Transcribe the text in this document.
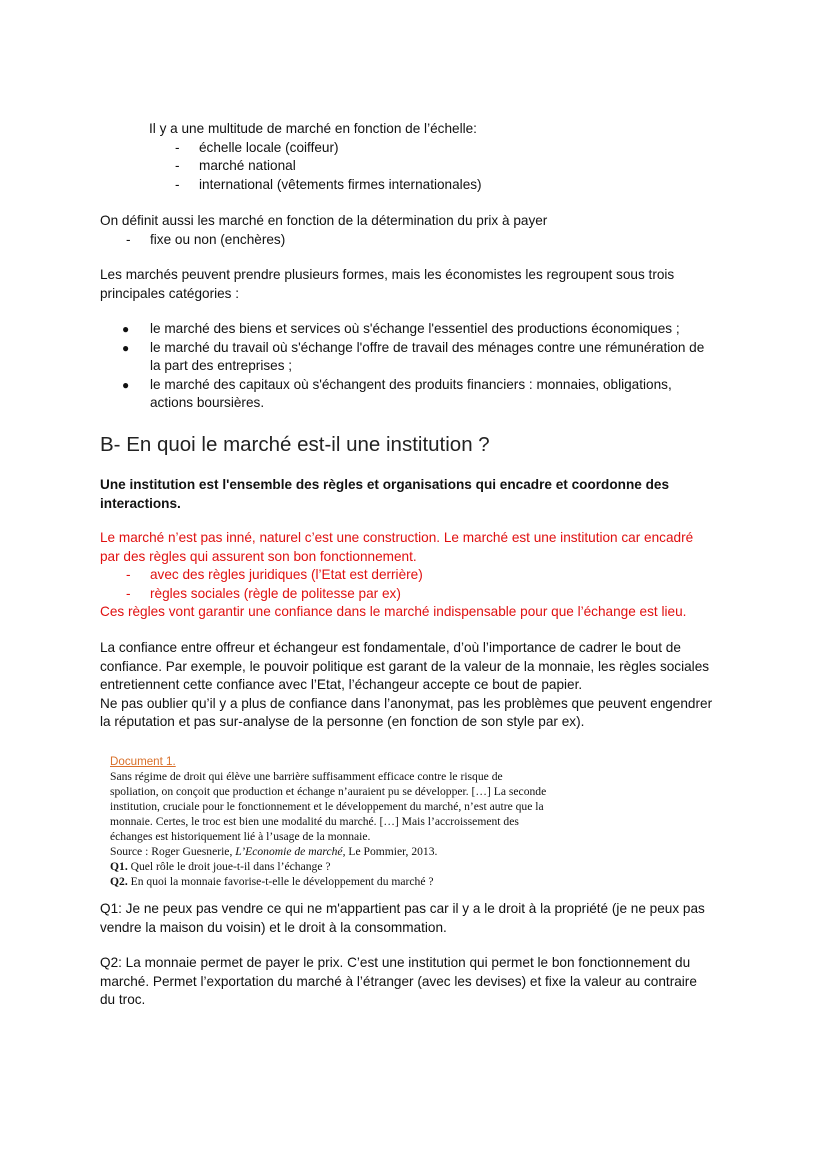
Il y a une multitude de marché en fonction de l’échelle:

- échelle locale (coiffeur)
- marché national
- international (vêtements firmes internationales)

On définit aussi les marché en fonction de la détermination du prix à payer

- fixe ou non (enchères)

Les marchés peuvent prendre plusieurs formes, mais les économistes les regroupent sous trois

principales catégories :

● le marché des biens et services où s'échange l'essentiel des productions économiques ;
● le marché du travail où s'échange l'offre de travail des ménages contre une rémunération de
la part des entreprises ;
● le marché des capitaux où s'échangent des produits financiers : monnaies, obligations,
actions boursières.
B- En quoi le marché est-il une institution ?

Une institution est l'ensemble des règles et organisations qui encadre et coordonne des

interactions.

Le marché n’est pas inné, naturel c’est une construction. Le marché est une institution car encadré

par des règles qui assurent son bon fonctionnement.

- avec des règles juridiques (l’Etat est derrière)
- règles sociales (règle de politesse par ex)

Ces règles vont garantir une confiance dans le marché indispensable pour que l’échange est lieu.

La confiance entre offreur et échangeur est fondamentale, d’où l’importance de cadrer le bout de

confiance. Par exemple, le pouvoir politique est garant de la valeur de la monnaie, les règles sociales

entretiennent cette confiance avec l’Etat, l’échangeur accepte ce bout de papier.

Ne pas oublier qu’il y a plus de confiance dans l’anonymat, pas les problèmes que peuvent engendrer

la réputation et pas sur-analyse de la personne (en fonction de son style par ex).

Document 1.
Sans régime de droit qui élève une barrière suffisamment efficace contre le risque de
spoliation, on conçoit que production et échange n’auraient pu se développer. […] La seconde
institution, cruciale pour le fonctionnement et le développement du marché, n’est autre que la
monnaie. Certes, le troc est bien une modalité du marché. […] Mais l’accroissement des
échanges est historiquement lié à l’usage de la monnaie.
Source : Roger Guesnerie, L’Economie de marché, Le Pommier, 2013.
Q1. Quel rôle le droit joue-t-il dans l’échange ?
Q2. En quoi la monnaie favorise-t-elle le développement du marché ?

Q1: Je ne peux pas vendre ce qui ne m'appartient pas car il y a le droit à la propriété (je ne peux pas

vendre la maison du voisin) et le droit à la consommation.

Q2: La monnaie permet de payer le prix. C’est une institution qui permet le bon fonctionnement du

marché. Permet l’exportation du marché à l’étranger (avec les devises) et fixe la valeur au contraire

du troc.
